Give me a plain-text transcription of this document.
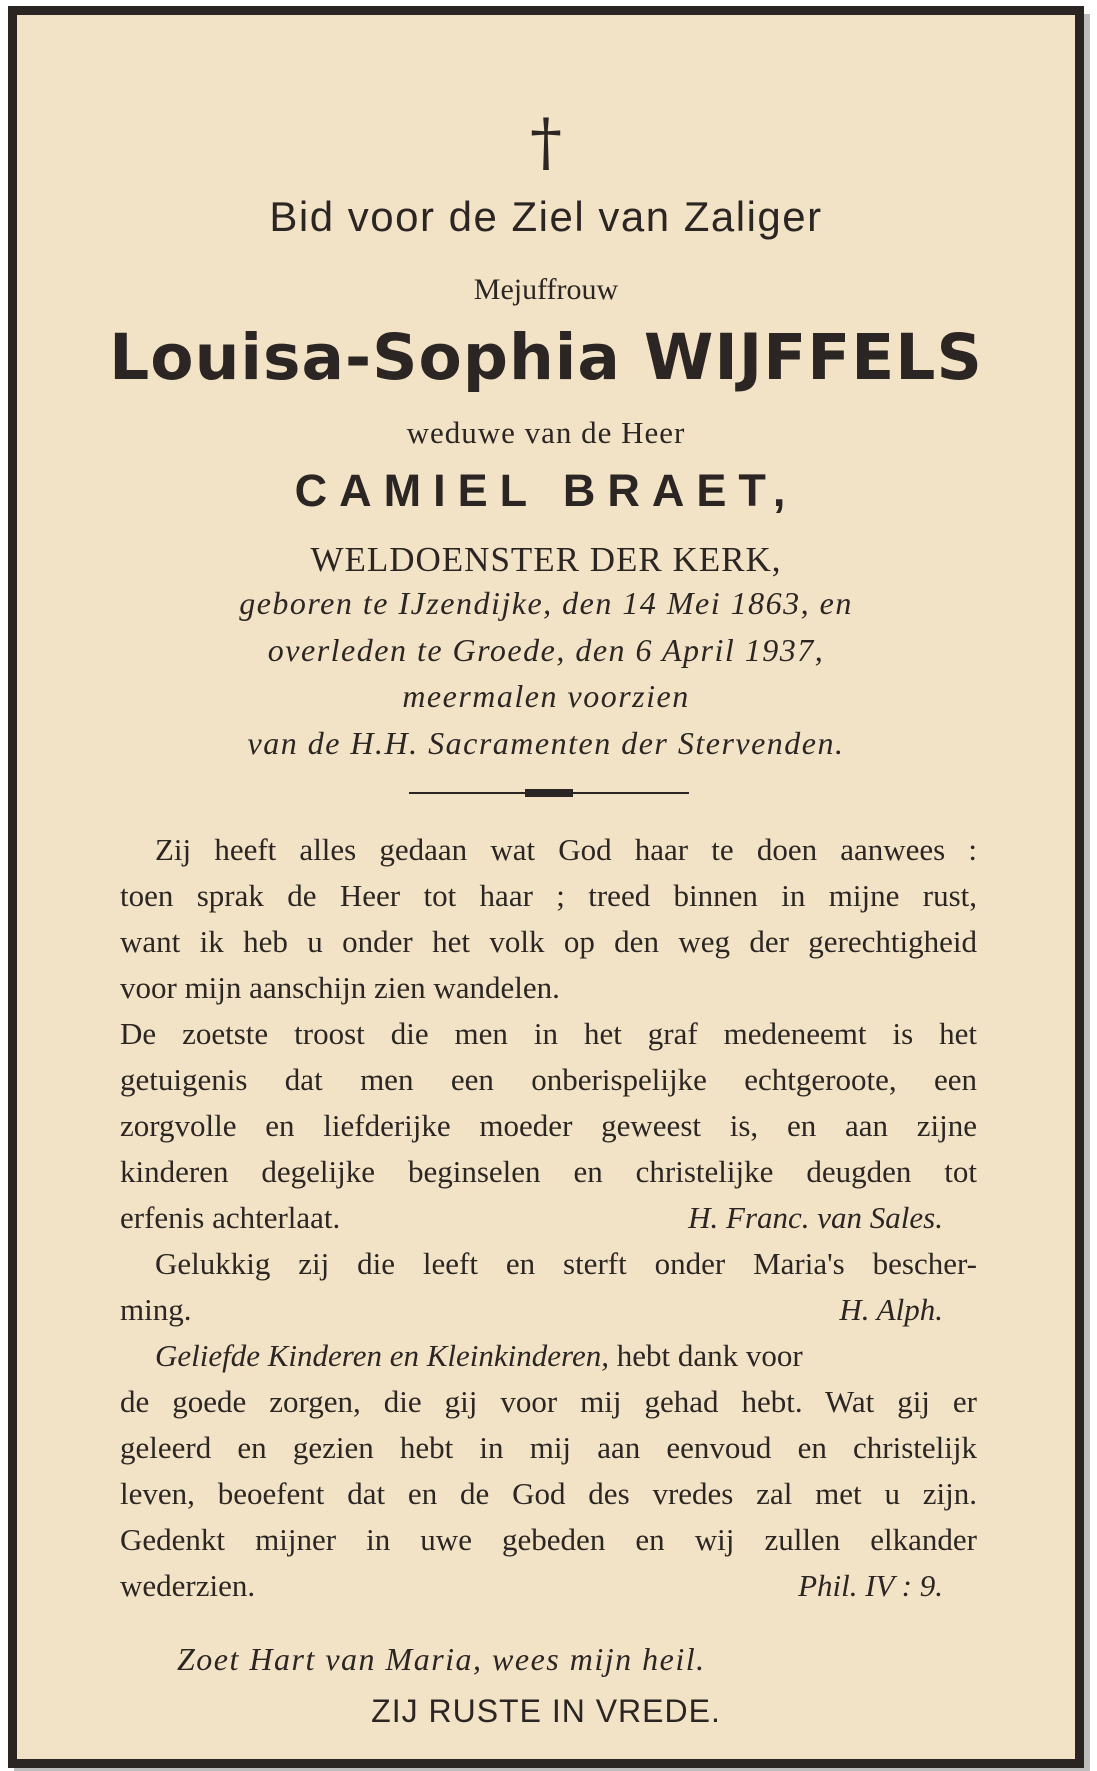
†
Bid voor de Ziel van Zaliger
Mejuffrouw
Louisa-Sophia WIJFFELS
weduwe van de Heer
CAMIEL BRAET,
WELDOENSTER DER KERK,
geboren te IJzendijke, den 14 Mei 1863, en
overleden te Groede, den 6 April 1937,
meermalen voorzien
van de H.H. Sacramenten der Stervenden.
Zij heeft alles gedaan wat God haar te doen aanwees :
toen sprak de Heer tot haar ; treed binnen in mijne rust,
want ik heb u onder het volk op den weg der gerechtigheid
voor mijn aanschijn zien wandelen.
De zoetste troost die men in het graf medeneemt is het
getuigenis dat men een onberispelijke echtgeroote, een
zorgvolle en liefderijke moeder geweest is, en aan zijne
kinderen degelijke beginselen en christelijke deugden tot
erfenis achterlaat.	H. Franc. van Sales.
Gelukkig zij die leeft en sterft onder Maria's bescher-
ming.	H. Alph.
Geliefde Kinderen en Kleinkinderen, hebt dank voor
de goede zorgen, die gij voor mij gehad hebt. Wat gij er
geleerd en gezien hebt in mij aan eenvoud en christelijk
leven, beoefent dat en de God des vredes zal met u zijn.
Gedenkt mijner in uwe gebeden en wij zullen elkander
wederzien.	Phil. IV : 9.
Zoet Hart van Maria, wees mijn heil.
ZIJ RUSTE IN VREDE.
